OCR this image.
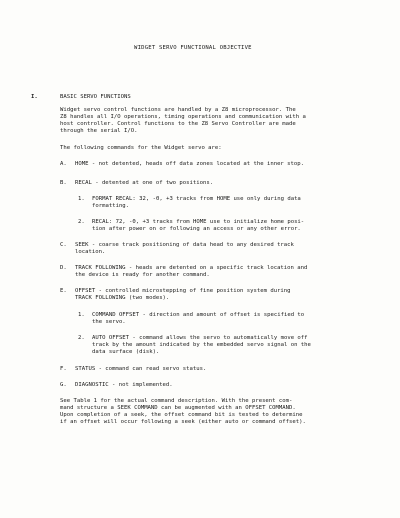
WIDGET SERVO FUNCTIONAL OBJECTIVE
I.	BASIC SERVO FUNCTIONS
Widget servo control functions are handled by a Z8 microprocessor. The
Z8 handles all I/O operations, timing operations and communication with a
host controller. Control functions to the Z8 Servo Controller are made
through the serial I/O.
The following commands for the Widget servo are:
A. HOME - not detented, heads off data zones located at the inner stop.
B. RECAL - detented at one of two positions.
1. FORMAT RECAL: 32, -0, +3 tracks from HOME use only during data
formatting.
2. RECAL: 72, -0, +3 tracks from HOME use to initialize home posi-
tion after power on or following an access or any other error.
C. SEEK - coarse track positioning of data head to any desired track
location.
D. TRACK FOLLOWING - heads are detented on a specific track location and
the device is ready for another command.
E. OFFSET - controlled microstepping of fine position system during
TRACK FOLLOWING (two modes).
1. COMMAND OFFSET - direction and amount of offset is specified to
the servo.
2. AUTO OFFSET - command allows the servo to automatically move off
track by the amount indicated by the embedded servo signal on the
data surface (disk).
F. STATUS - command can read servo status.
G. DIAGNOSTIC - not implemented.
See Table 1 for the actual command description. With the present com-
mand structure a SEEK COMMAND can be augmented with an OFFSET COMMAND.
Upon completion of a seek, the offset command bit is tested to determine
if an offset will occur following a seek (either auto or command offset).
